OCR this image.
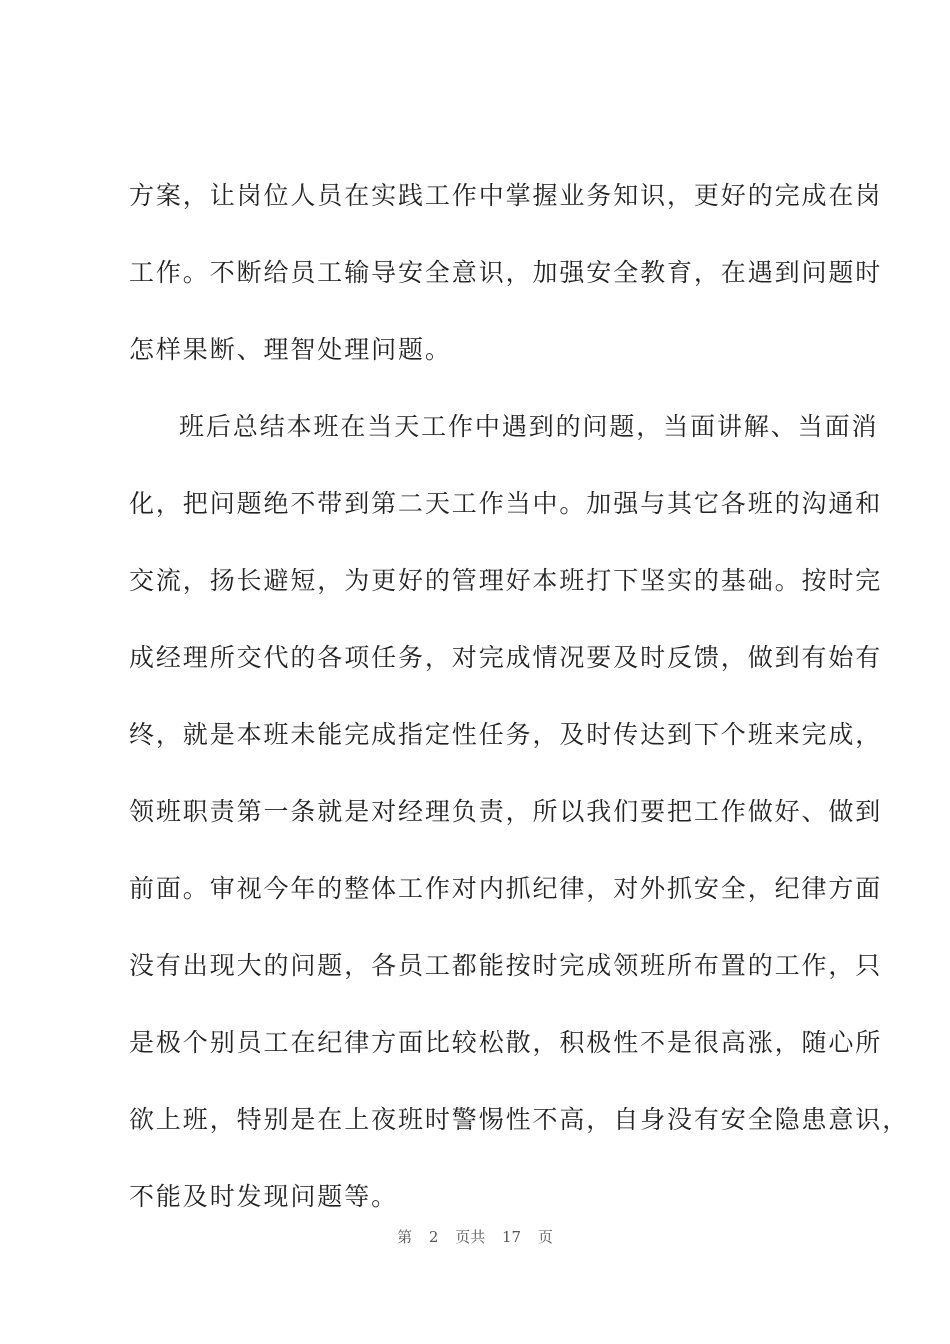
方案，让岗位人员在实践工作中掌握业务知识，更好的完成在岗
工作。不断给员工输导安全意识，加强安全教育，在遇到问题时
怎样果断、理智处理问题。
班后总结本班在当天工作中遇到的问题，当面讲解、当面消
化，把问题绝不带到第二天工作当中。加强与其它各班的沟通和
交流，扬长避短，为更好的管理好本班打下坚实的基础。按时完
成经理所交代的各项任务，对完成情况要及时反馈，做到有始有
终，就是本班未能完成指定性任务，及时传达到下个班来完成，
领班职责第一条就是对经理负责，所以我们要把工作做好、做到
前面。审视今年的整体工作对内抓纪律，对外抓安全，纪律方面
没有出现大的问题，各员工都能按时完成领班所布置的工作，只
是极个别员工在纪律方面比较松散，积极性不是很高涨，随心所
欲上班，特别是在上夜班时警惕性不高，自身没有安全隐患意识，
不能及时发现问题等。
第 2 页共 17 页
